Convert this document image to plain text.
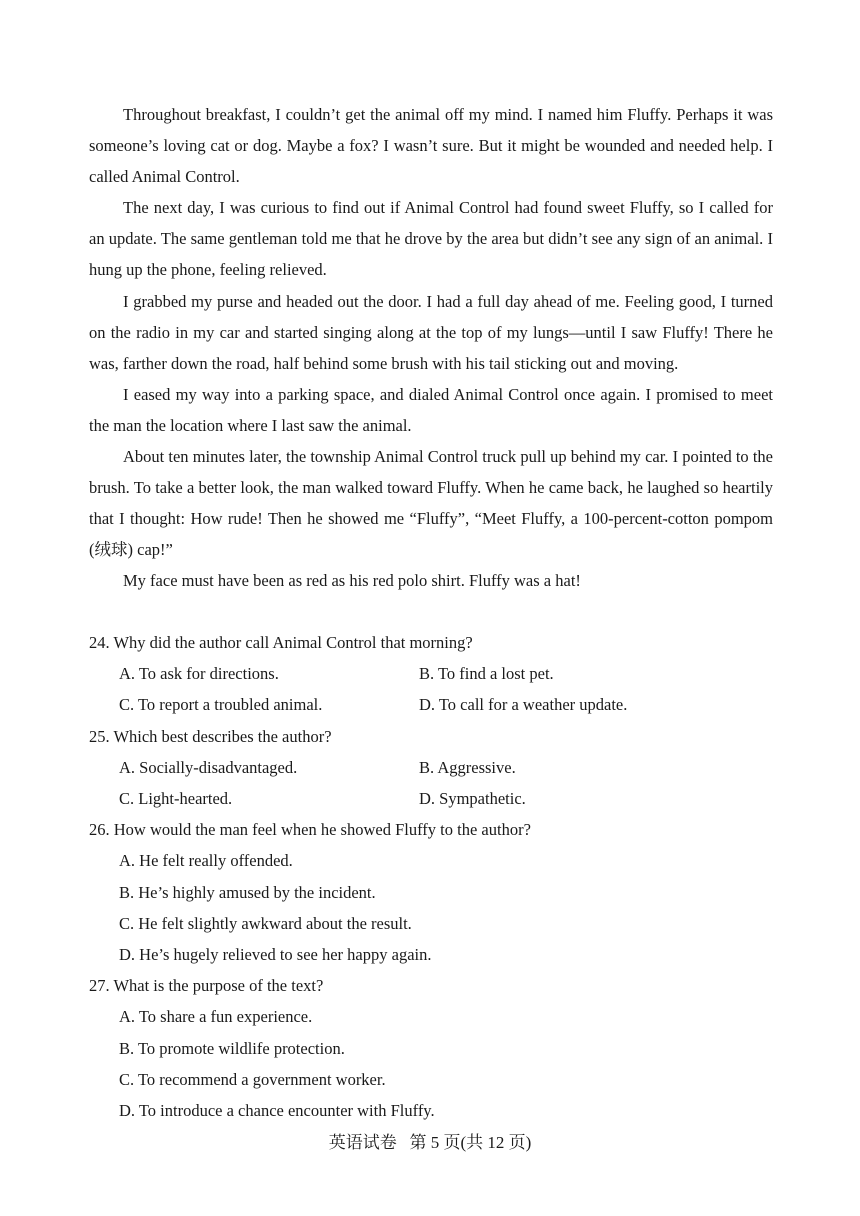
Throughout breakfast, I couldn’t get the animal off my mind. I named him Fluffy. Perhaps it was someone’s loving cat or dog. Maybe a fox? I wasn’t sure. But it might be wounded and needed help. I called Animal Control.

The next day, I was curious to find out if Animal Control had found sweet Fluffy, so I called for an update. The same gentleman told me that he drove by the area but didn’t see any sign of an animal. I hung up the phone, feeling relieved.

I grabbed my purse and headed out the door. I had a full day ahead of me. Feeling good, I turned on the radio in my car and started singing along at the top of my lungs—until I saw Fluffy! There he was, farther down the road, half behind some brush with his tail sticking out and moving.

I eased my way into a parking space, and dialed Animal Control once again. I promised to meet the man the location where I last saw the animal.

About ten minutes later, the township Animal Control truck pull up behind my car. I pointed to the brush. To take a better look, the man walked toward Fluffy. When he came back, he laughed so heartily that I thought: How rude! Then he showed me “Fluffy”, “Meet Fluffy, a 100-percent-cotton pompom (绒球) cap!”

My face must have been as red as his red polo shirt. Fluffy was a hat!

24. Why did the author call Animal Control that morning?

A. To ask for directions.	B. To find a lost pet.

C. To report a troubled animal.	D. To call for a weather update.

25. Which best describes the author?

A. Socially-disadvantaged.	B. Aggressive.

C. Light-hearted.	D. Sympathetic.

26. How would the man feel when he showed Fluffy to the author?

A. He felt really offended.

B. He’s highly amused by the incident.

C. He felt slightly awkward about the result.

D. He’s hugely relieved to see her happy again.

27. What is the purpose of the text?

A. To share a fun experience.

B. To promote wildlife protection.

C. To recommend a government worker.

D. To introduce a chance encounter with Fluffy.

英语试卷 第 5 页(共 12 页)
